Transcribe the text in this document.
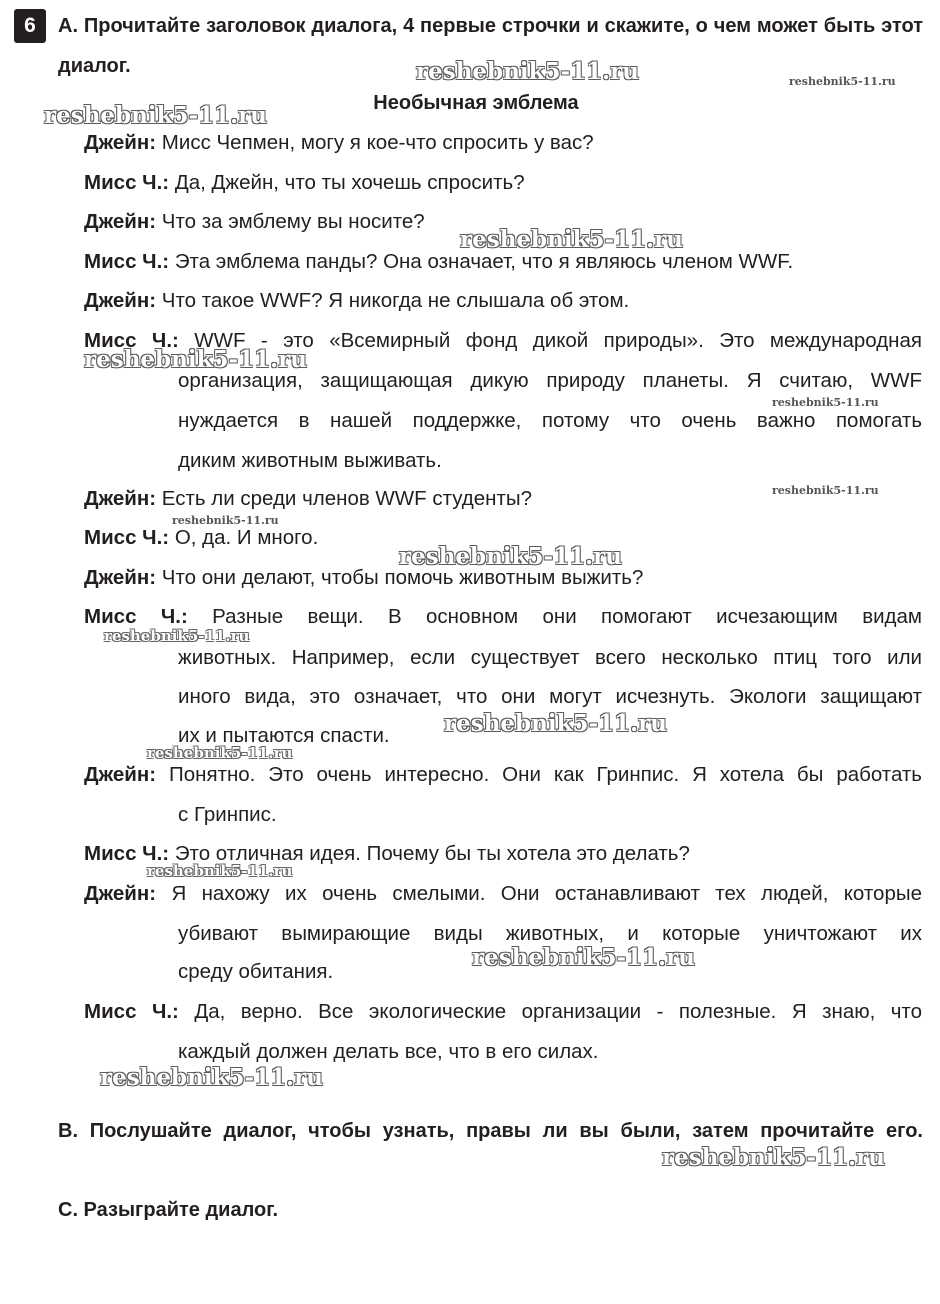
6	A. Прочитайте заголовок диалога, 4 первые строчки и скажите, о чем может быть этот диалог.
Необычная эмблема
Джейн: Мисс Чепмен, могу я кое-что спросить у вас?
Мисс Ч.: Да, Джейн, что ты хочешь спросить?
Джейн: Что за эмблему вы носите?
Мисс Ч.: Эта эмблема панды? Она означает, что я являюсь членом WWF.
Джейн: Что такое WWF? Я никогда не слышала об этом.
Мисс Ч.: WWF - это «Всемирный фонд дикой природы». Это международная
организация, защищающая дикую природу планеты. Я считаю, WWF
нуждается в нашей поддержке, потому что очень важно помогать
диким животным выживать.
Джейн: Есть ли среди членов WWF студенты?
Мисс Ч.: О, да. И много.
Джейн: Что они делают, чтобы помочь животным выжить?
Мисс Ч.: Разные вещи. В основном они помогают исчезающим видам
животных. Например, если существует всего несколько птиц того или
иного вида, это означает, что они могут исчезнуть. Экологи защищают
их и пытаются спасти.
Джейн: Понятно. Это очень интересно. Они как Гринпис. Я хотела бы работать
с Гринпис.
Мисс Ч.: Это отличная идея. Почему бы ты хотела это делать?
Джейн: Я нахожу их очень смелыми. Они останавливают тех людей, которые
убивают вымирающие виды животных, и которые уничтожают их
среду обитания.
Мисс Ч.: Да, верно. Все экологические организации - полезные. Я знаю, что
каждый должен делать все, что в его силах.
B. Послушайте диалог, чтобы узнать, правы ли вы были, затем прочитайте его.
C. Разыграйте диалог.
reshebnik5-11.ru	reshebnik5-11.ru
reshebnik5-11.ru
reshebnik5-11.ru
reshebnik5-11.ru
reshebnik5-11.ru
reshebnik5-11.ru
reshebnik5-11.ru
reshebnik5-11.ru
reshebnik5-11.ru
reshebnik5-11.ru
reshebnik5-11.ru
reshebnik5-11.ru
reshebnik5-11.ru
reshebnik5-11.ru
reshebnik5-11.ru
